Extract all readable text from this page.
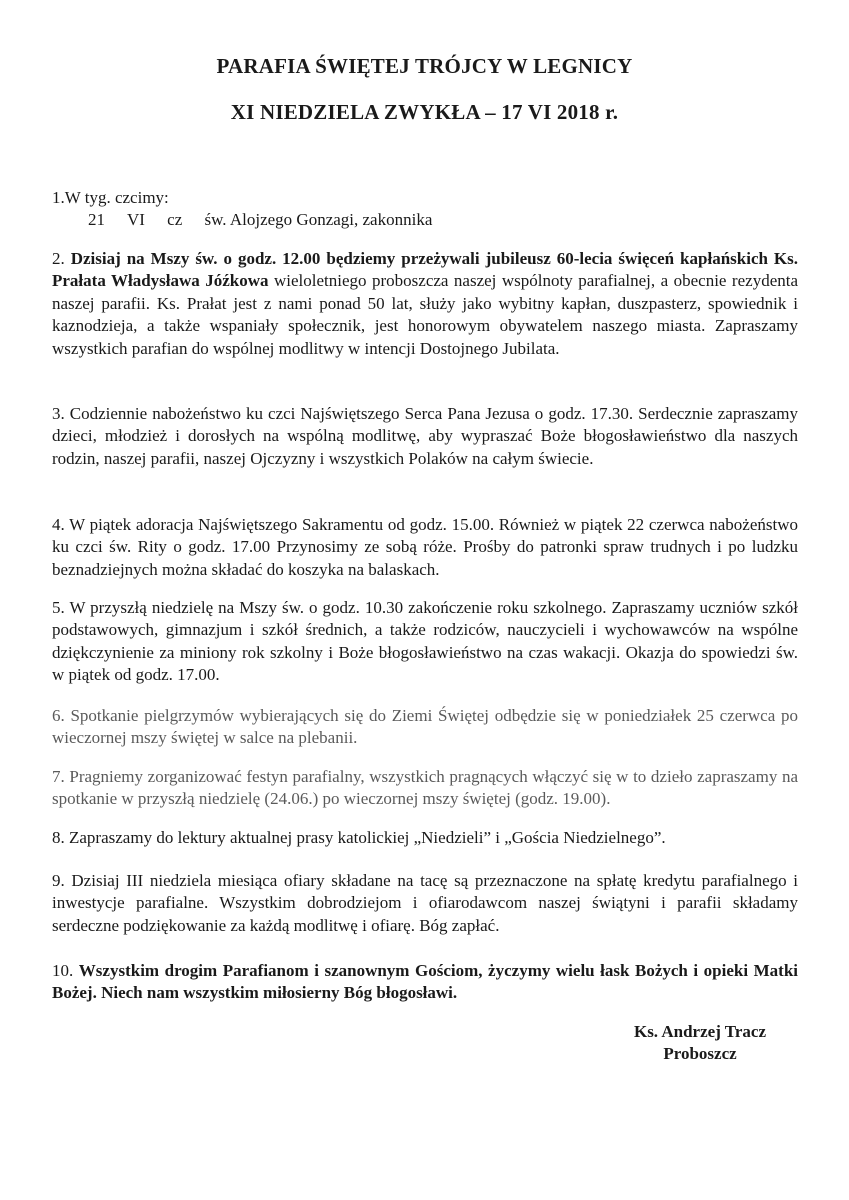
PARAFIA ŚWIĘTEJ TRÓJCY W LEGNICY
XI NIEDZIELA ZWYKŁA – 17 VI 2018 r.

1.W tyg. czcimy:

21 VI cz św. Alojzego Gonzagi, zakonnika

2. Dzisiaj na Mszy św. o godz. 12.00 będziemy przeżywali jubileusz 60-lecia święceń kapłańskich Ks. Prałata Władysława Jóźkowa wieloletniego proboszcza naszej wspólnoty parafialnej, a obecnie rezydenta naszej parafii. Ks. Prałat jest z nami ponad 50 lat, służy jako wybitny kapłan, duszpasterz, spowiednik i kaznodzieja, a także wspaniały społecznik, jest honorowym obywatelem naszego miasta. Zapraszamy wszystkich parafian do wspólnej modlitwy w intencji Dostojnego Jubilata.

3. Codziennie nabożeństwo ku czci Najświętszego Serca Pana Jezusa o godz. 17.30. Serdecznie zapraszamy dzieci, młodzież i dorosłych na wspólną modlitwę, aby wypraszać Boże błogosławieństwo dla naszych rodzin, naszej parafii, naszej Ojczyzny i wszystkich Polaków na całym świecie.

4. W piątek adoracja Najświętszego Sakramentu od godz. 15.00. Również w piątek 22 czerwca nabożeństwo ku czci św. Rity o godz. 17.00 Przynosimy ze sobą róże. Prośby do patronki spraw trudnych i po ludzku beznadziejnych można składać do koszyka na balaskach.

5. W przyszłą niedzielę na Mszy św. o godz. 10.30 zakończenie roku szkolnego. Zapraszamy uczniów szkół podstawowych, gimnazjum i szkół średnich, a także rodziców, nauczycieli i wychowawców na wspólne dziękczynienie za miniony rok szkolny i Boże błogosławieństwo na czas wakacji. Okazja do spowiedzi św. w piątek od godz. 17.00.

6. Spotkanie pielgrzymów wybierających się do Ziemi Świętej odbędzie się w poniedziałek 25 czerwca po wieczornej mszy świętej w salce na plebanii.

7. Pragniemy zorganizować festyn parafialny, wszystkich pragnących włączyć się w to dzieło zapraszamy na spotkanie w przyszłą niedzielę (24.06.) po wieczornej mszy świętej (godz. 19.00).

8. Zapraszamy do lektury aktualnej prasy katolickiej „Niedzieli” i „Gościa Niedzielnego”.

9. Dzisiaj III niedziela miesiąca ofiary składane na tacę są przeznaczone na spłatę kredytu parafialnego i inwestycje parafialne. Wszystkim dobrodziejom i ofiarodawcom naszej świątyni i parafii składamy serdeczne podziękowanie za każdą modlitwę i ofiarę. Bóg zapłać.

10. Wszystkim drogim Parafianom i szanownym Gościom, życzymy wielu łask Bożych i opieki Matki Bożej. Niech nam wszystkim miłosierny Bóg błogosławi.

Ks. Andrzej Tracz
Proboszcz
